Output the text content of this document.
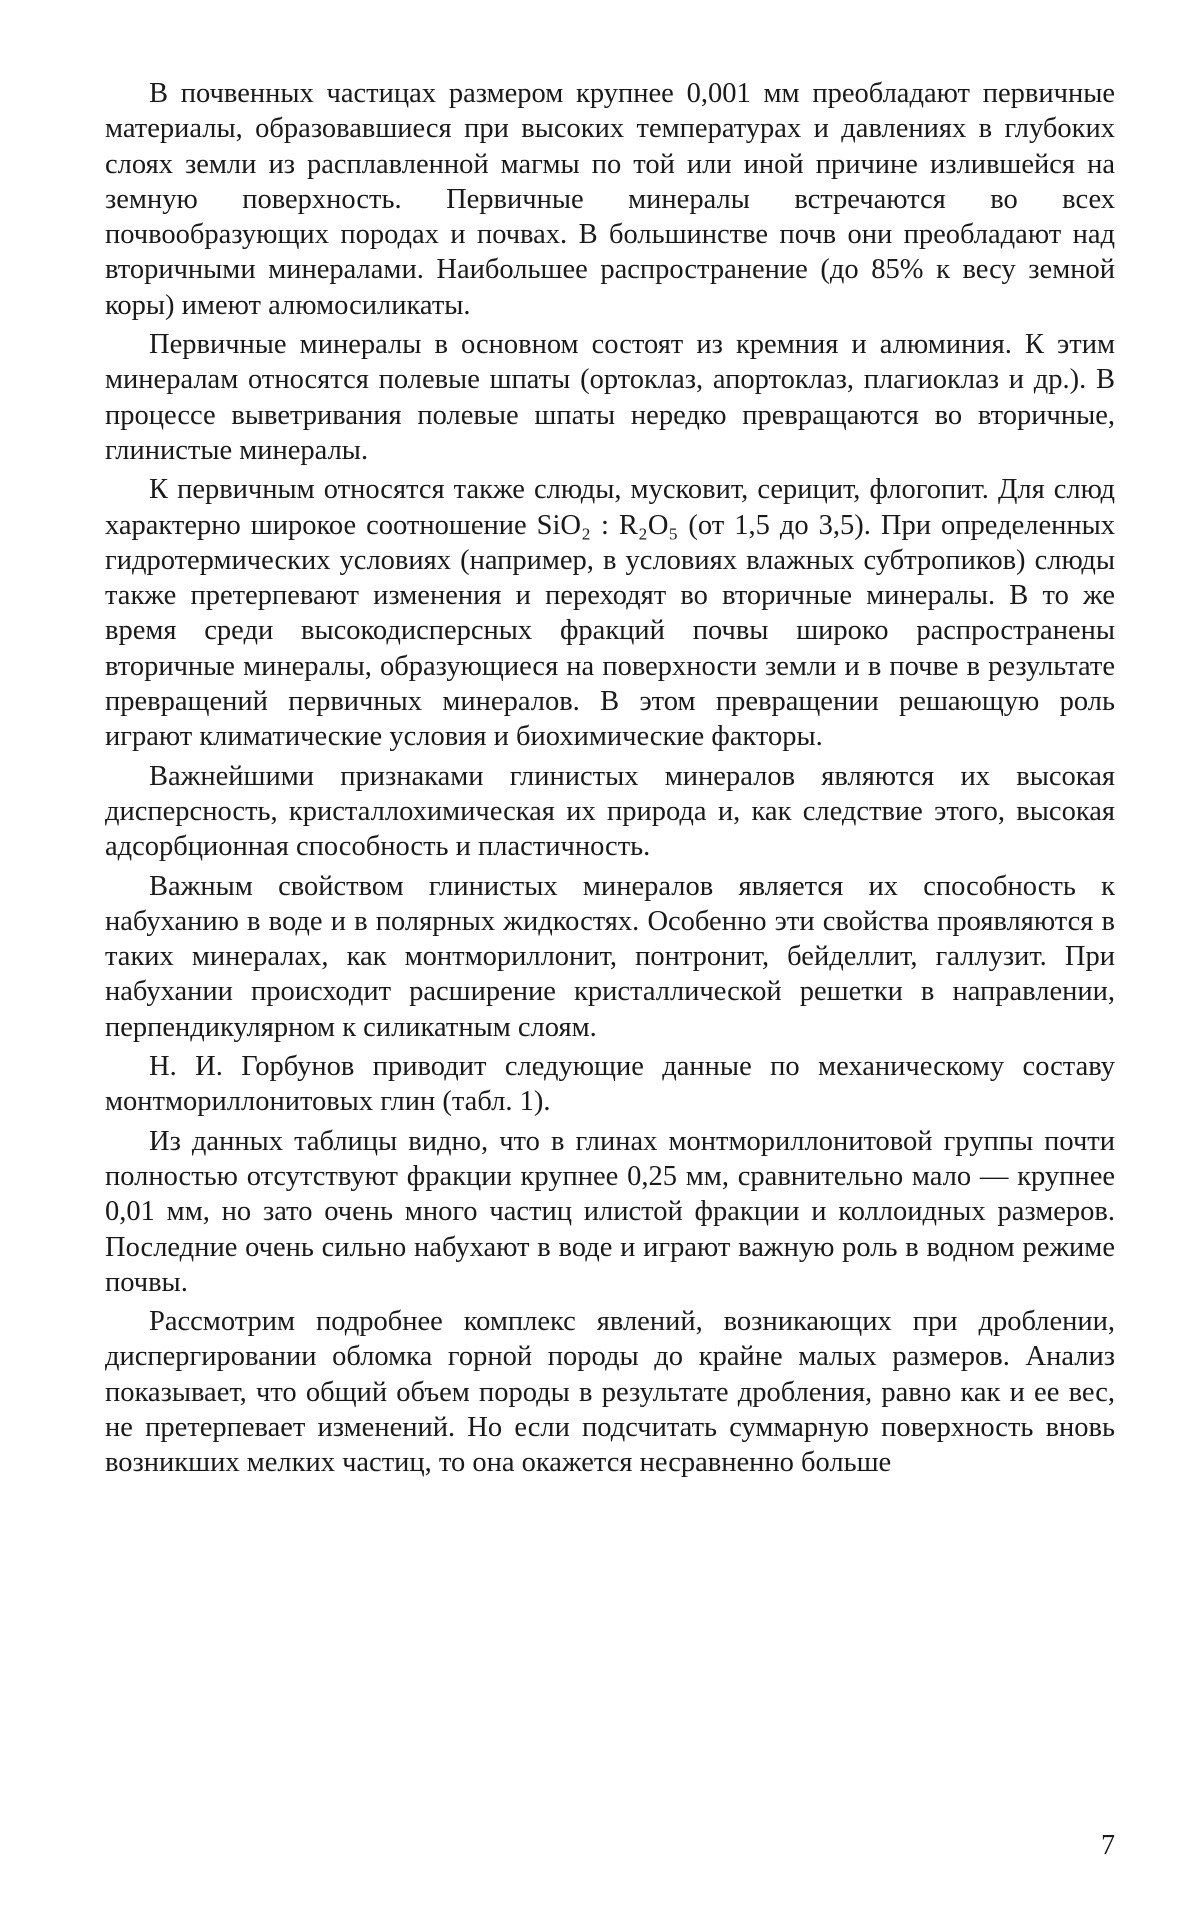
В почвенных частицах размером крупнее 0,001 мм преобладают первичные материалы, образовавшиеся при высоких температурах и давлениях в глубоких слоях земли из расплавленной магмы по той или иной причине излившейся на земную поверхность. Первичные минералы встречаются во всех почвообразующих породах и почвах. В большинстве почв они преобладают над вторичными минералами. Наибольшее распространение (до 85% к весу земной коры) имеют алюмосиликаты.

Первичные минералы в основном состоят из кремния и алюминия. К этим минералам относятся полевые шпаты (ортоклаз, апортоклаз, плагиоклаз и др.). В процессе выветривания полевые шпаты нередко превращаются во вторичные, глинистые минералы.

К первичным относятся также слюды, мусковит, серицит, флогопит. Для слюд характерно широкое соотношение SiO₂ : R₂O₅ (от 1,5 до 3,5). При определенных гидротермических условиях (например, в условиях влажных субтропиков) слюды также претерпевают изменения и переходят во вторичные минералы. В то же время среди высокодисперсных фракций почвы широко распространены вторичные минералы, образующиеся на поверхности земли и в почве в результате превращений первичных минералов. В этом превращении решающую роль играют климатические условия и биохимические факторы.

Важнейшими признаками глинистых минералов являются их высокая дисперсность, кристаллохимическая их природа и, как следствие этого, высокая адсорбционная способность и пластичность.

Важным свойством глинистых минералов является их способность к набуханию в воде и в полярных жидкостях. Особенно эти свойства проявляются в таких минералах, как монтмориллонит, понтронит, бейделлит, галлузит. При набухании происходит расширение кристаллической решетки в направлении, перпендикулярном к силикатным слоям.

Н. И. Горбунов приводит следующие данные по механическому составу монтмориллонитовых глин (табл. 1).

Из данных таблицы видно, что в глинах монтмориллонитовой группы почти полностью отсутствуют фракции крупнее 0,25 мм, сравнительно мало — крупнее 0,01 мм, но зато очень много частиц илистой фракции и коллоидных размеров. Последние очень сильно набухают в воде и играют важную роль в водном режиме почвы.

Рассмотрим подробнее комплекс явлений, возникающих при дроблении, диспергировании обломка горной породы до крайне малых размеров. Анализ показывает, что общий объем породы в результате дробления, равно как и ее вес, не претерпевает изменений. Но если подсчитать суммарную поверхность вновь возникших мелких частиц, то она окажется несравненно больше

7
